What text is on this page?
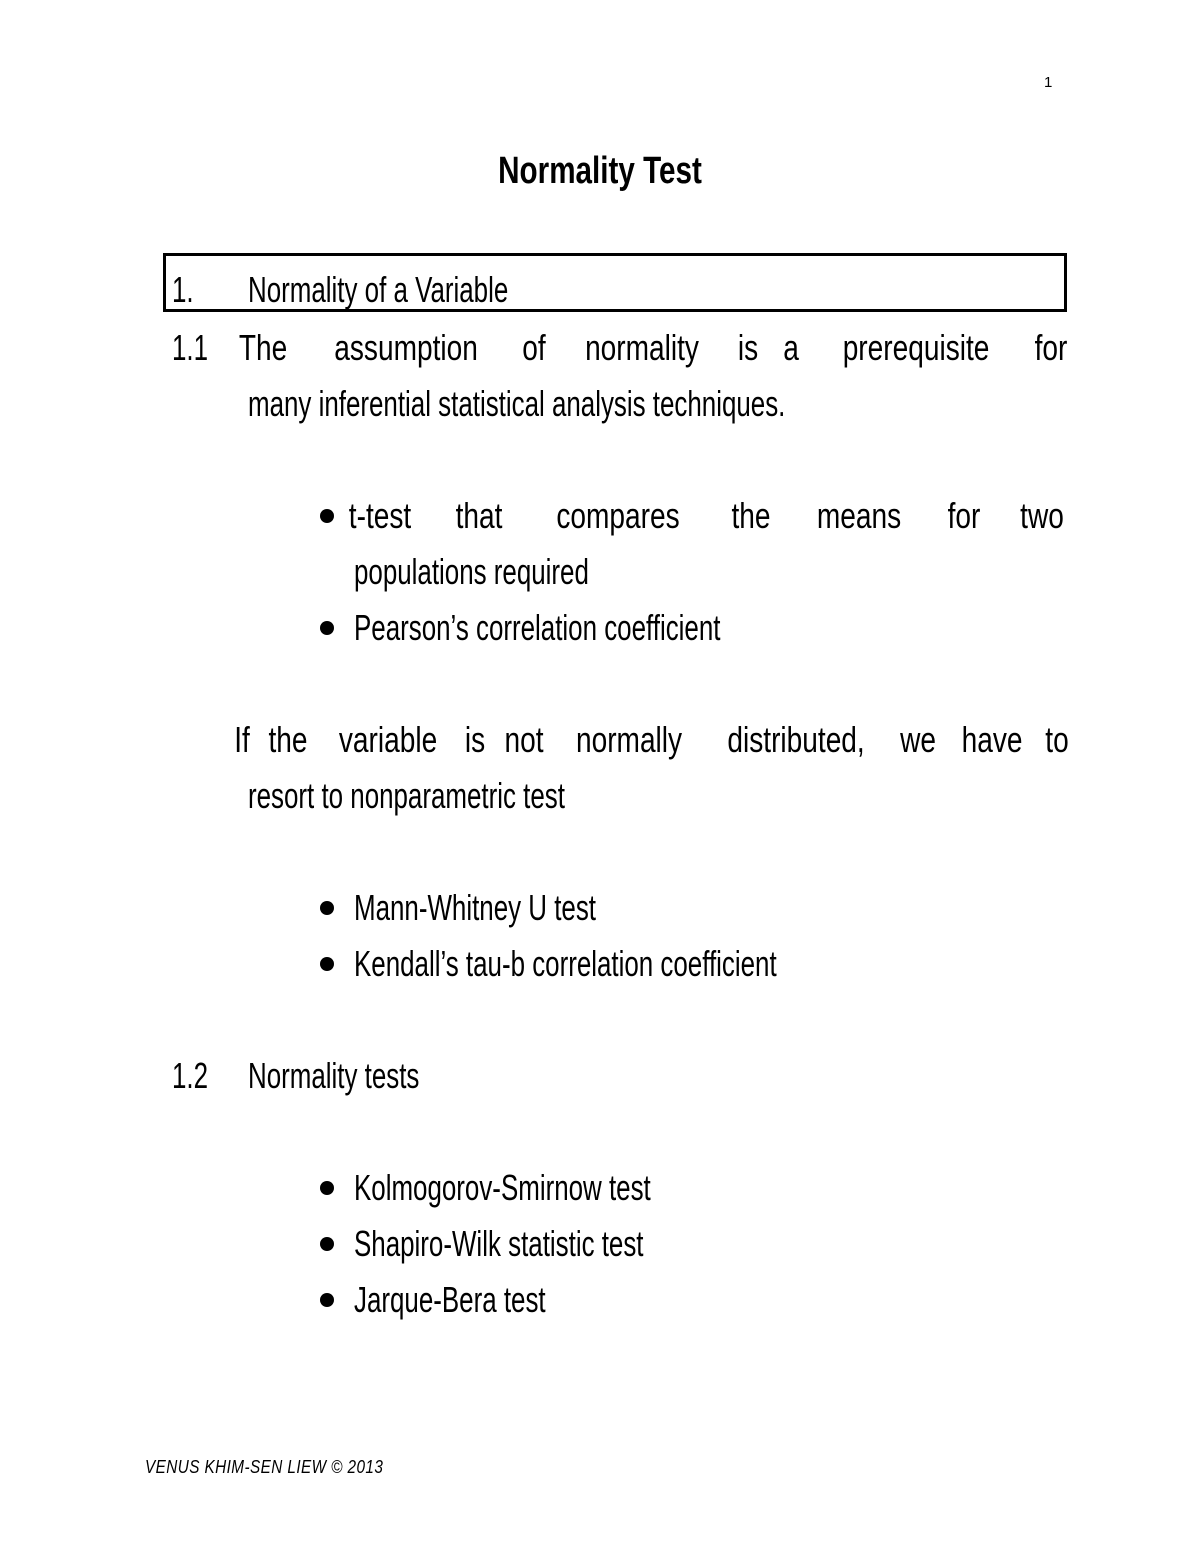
1
Normality Test
1. Normality of a Variable
1.1 The assumption of normality is a prerequisite for
many inferential statistical analysis techniques.
t-test that compares the means for two
populations required
Pearson’s correlation coefficient
If the variable is not normally distributed, we have to
resort to nonparametric test
Mann-Whitney U test
Kendall’s tau-b correlation coefficient
1.2	Normality tests
Kolmogorov-Smirnow test
Shapiro-Wilk statistic test
Jarque-Bera test
VENUS KHIM-SEN LIEW © 2013
